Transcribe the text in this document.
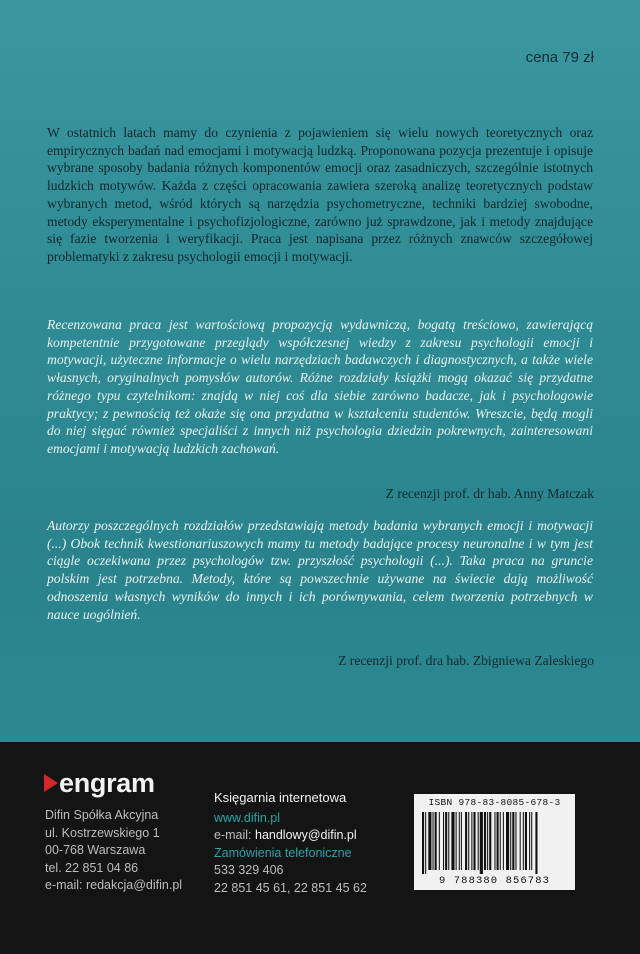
cena 79 zł

W ostatnich latach mamy do czynienia z pojawieniem się wielu nowych teoretycznych oraz empirycznych badań nad emocjami i motywacją ludzką. Proponowana pozycja prezentuje i opisuje wybrane sposoby badania różnych komponentów emocji oraz zasadniczych, szczególnie istotnych ludzkich motywów. Każda z części opracowania zawiera szeroką analizę teoretycznych podstaw wybranych metod, wśród których są narzędzia psychometryczne, techniki bardziej swobodne, metody eksperymentalne i psychofizjologiczne, zarówno już sprawdzone, jak i metody znajdujące się fazie tworzenia i weryfikacji. Praca jest napisana przez różnych znawców szczegółowej problematyki z zakresu psychologii emocji i motywacji.

Recenzowana praca jest wartościową propozycją wydawniczą, bogatą treściowo, zawierającą kompetentnie przygotowane przeglądy współczesnej wiedzy z zakresu psychologii emocji i motywacji, użyteczne informacje o wielu narzędziach badawczych i diagnostycznych, a także wiele własnych, oryginalnych pomysłów autorów. Różne rozdziały książki mogą okazać się przydatne różnego typu czytelnikom: znajdą w niej coś dla siebie zarówno badacze, jak i psychologowie praktycy; z pewnością też okaże się ona przydatna w kształceniu studentów. Wreszcie, będą mogli do niej sięgać również specjaliści z innych niż psychologia dziedzin pokrewnych, zainteresowani emocjami i motywacją ludzkich zachowań.

Z recenzji prof. dr hab. Anny Matczak

Autorzy poszczególnych rozdziałów przedstawiają metody badania wybranych emocji i motywacji (...) Obok technik kwestionariuszowych mamy tu metody badające procesy neuronalne i w tym jest ciągle oczekiwana przez psychologów tzw. przyszłość psychologii (...). Taka praca na gruncie polskim jest potrzebna. Metody, które są powszechnie używane na świecie dają możliwość odnoszenia własnych wyników do innych i ich porównywania, celem tworzenia potrzebnych w nauce uogólnień.

Z recenzji prof. dra hab. Zbigniewa Zaleskiego

engram
Difin Spółka Akcyjna
ul. Kostrzewskiego 1
00-768 Warszawa
tel. 22 851 04 86
e-mail: redakcja@difin.pl
Księgarnia internetowa
www.difin.pl
e-mail: handlowy@difin.pl
Zamówienia telefoniczne
533 329 406
22 851 45 61, 22 851 45 62
ISBN 978-83-8085-678-3
9 788380 856783
